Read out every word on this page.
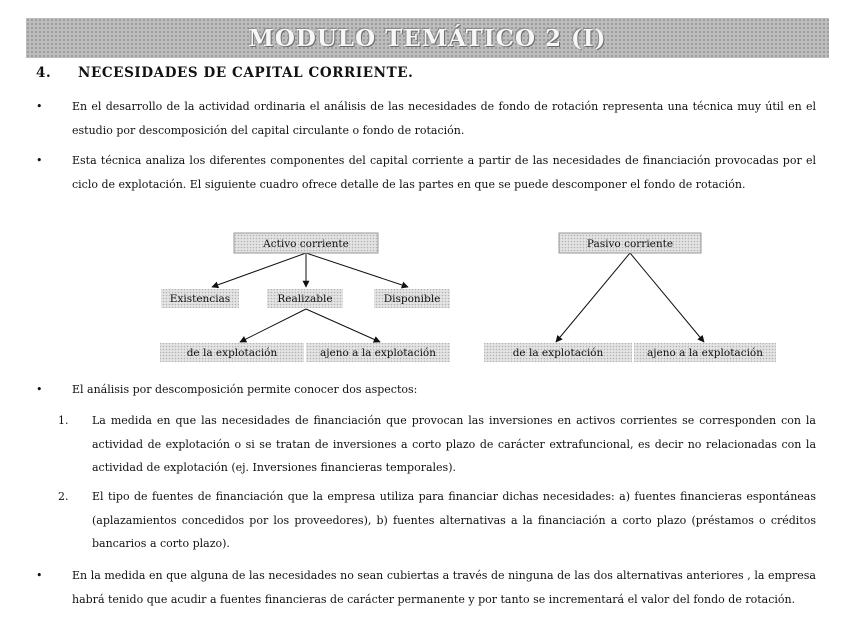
MODULO TEMÁTICO 2 (I)
4.	NECESIDADES DE CAPITAL CORRIENTE.
•	En el desarrollo de la actividad ordinaria el análisis de las necesidades de fondo de rotación representa una técnica muy útil en el estudio por descomposición del capital circulante o fondo de rotación.
•	Esta técnica analiza los diferentes componentes del capital corriente a partir de las necesidades de financiación provocadas por el ciclo de explotación. El siguiente cuadro ofrece detalle de las partes en que se puede descomponer el fondo de rotación.
Activo corriente
Existencias	Realizable	Disponible
de la explotación	ajeno a la explotación
Pasivo corriente
de la explotación	ajeno a la explotación
•	El análisis por descomposición permite conocer dos aspectos:
1. La medida en que las necesidades de financiación que provocan las inversiones en activos corrientes se corresponden con la actividad de explotación o si se tratan de inversiones a corto plazo de carácter extrafuncional, es decir no relacionadas con la actividad de explotación (ej. Inversiones financieras temporales).
2. El tipo de fuentes de financiación que la empresa utiliza para financiar dichas necesidades: a) fuentes financieras espontáneas (aplazamientos concedidos por los proveedores), b) fuentes alternativas a la financiación a corto plazo (préstamos o créditos bancarios a corto plazo).
•	En la medida en que alguna de las necesidades no sean cubiertas a través de ninguna de las dos alternativas anteriores , la empresa habrá tenido que acudir a fuentes financieras de carácter permanente y por tanto se incrementará el valor del fondo de rotación.
